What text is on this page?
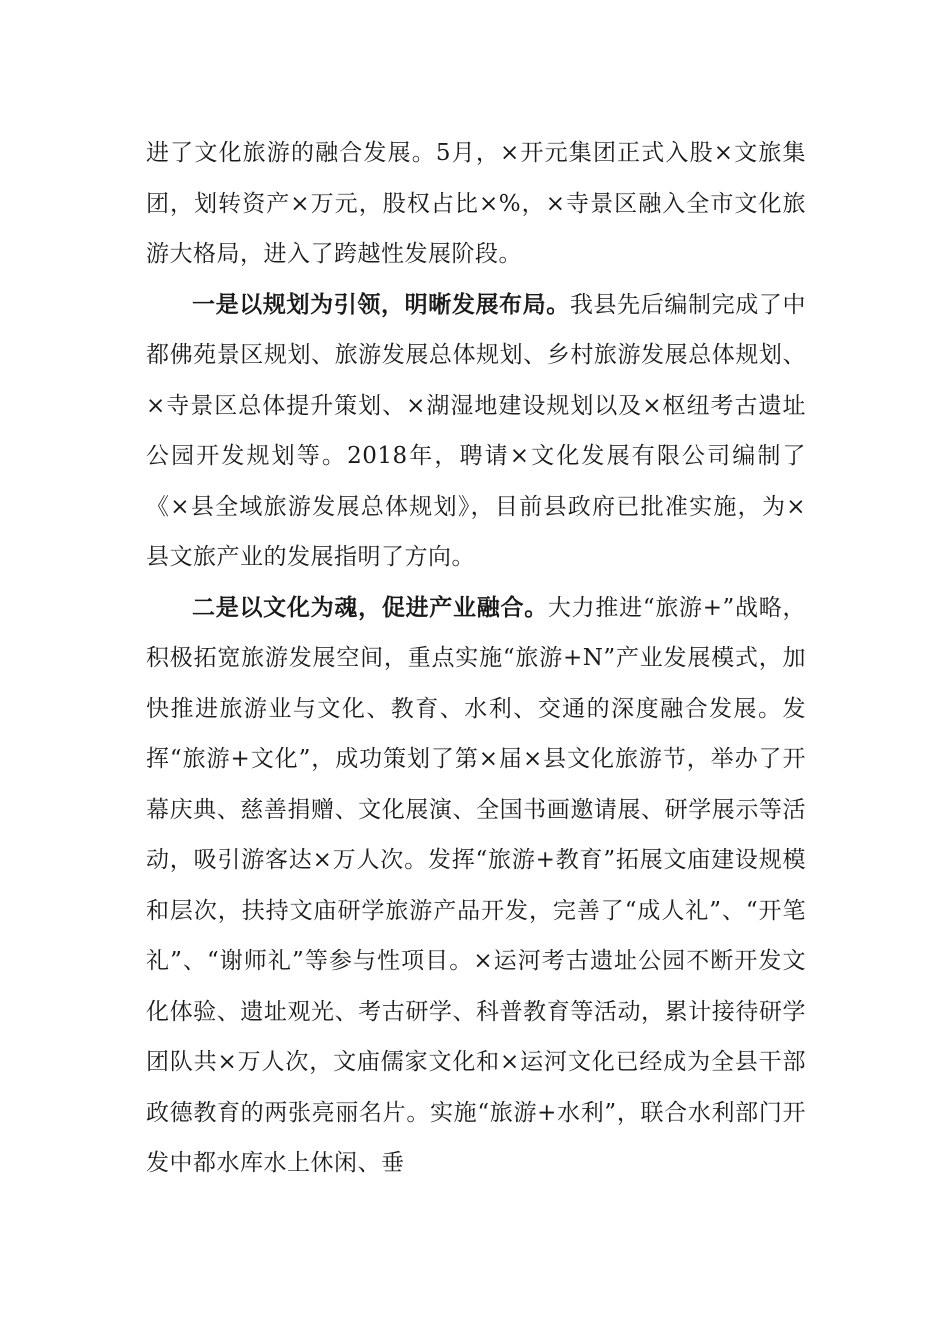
进了文化旅游的融合发展。5月，×开元集团正式入股×文旅集团，划转资产×万元，股权占比×%，×寺景区融入全市文化旅游大格局，进入了跨越性发展阶段。

一是以规划为引领，明晰发展布局。我县先后编制完成了中都佛苑景区规划、旅游发展总体规划、乡村旅游发展总体规划、×寺景区总体提升策划、×湖湿地建设规划以及×枢纽考古遗址公园开发规划等。2018年，聘请×文化发展有限公司编制了《×县全域旅游发展总体规划》，目前县政府已批准实施，为×县文旅产业的发展指明了方向。

二是以文化为魂，促进产业融合。大力推进“旅游+”战略，积极拓宽旅游发展空间，重点实施“旅游+N”产业发展模式，加快推进旅游业与文化、教育、水利、交通的深度融合发展。发挥“旅游+文化”，成功策划了第×届×县文化旅游节，举办了开幕庆典、慈善捐赠、文化展演、全国书画邀请展、研学展示等活动，吸引游客达×万人次。发挥“旅游+教育”拓展文庙建设规模和层次，扶持文庙研学旅游产品开发，完善了“成人礼”、“开笔礼”、“谢师礼”等参与性项目。×运河考古遗址公园不断开发文化体验、遗址观光、考古研学、科普教育等活动，累计接待研学团队共×万人次，文庙儒家文化和×运河文化已经成为全县干部政德教育的两张亮丽名片。实施“旅游+水利”，联合水利部门开发中都水库水上休闲、垂
